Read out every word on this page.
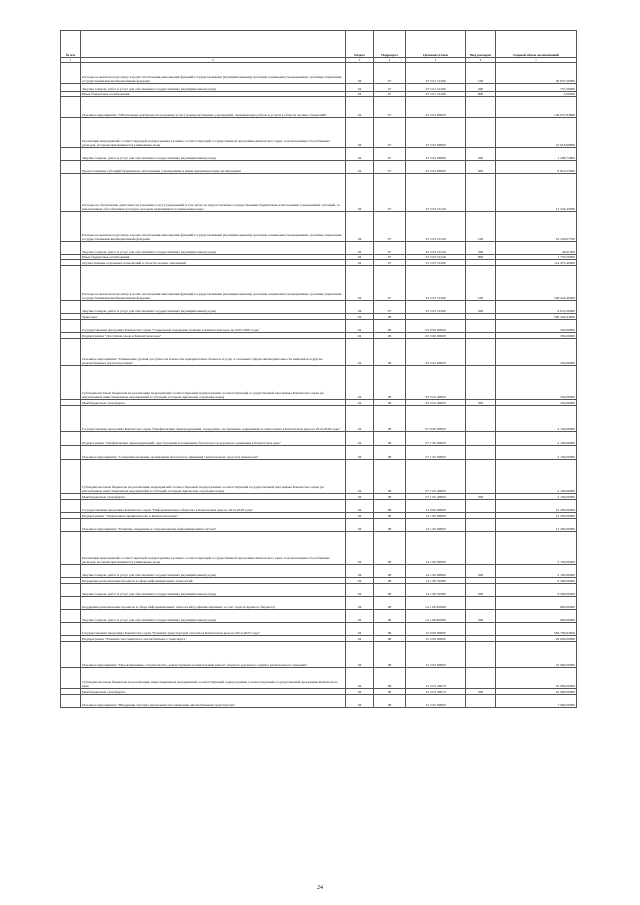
№ п/п		Раздел	Подраздел	Целевая статья	Вид расходов	Годовой объем ассигнований
1	2	3	4	5	6	7
	Расходы на выплаты персоналу в целях обеспечения выполнения функций государственными (муниципальными) органами, казенными учреждениями, органами управления государственными внебюджетными фондами	04	07	23 5 01 51290	100	29 657,50000
	Закупка товаров, работ и услуг для обеспечения государственных (муниципальных) нужд	04	07	23 5 01 51290	200	757,20000
	Иные бюджетные ассигнования	04	07	23 5 01 51290	800	5,00000
	Основное мероприятие "Обеспечение деятельности (оказание услуг) подведомственных учреждений, оказывающих работы и услуги в области лесных отношений"	04	07	23 5 03 00000		136 837,83800
	Реализация мероприятий соответствующей подпрограммы в рамках соответствующей государственной программы Камчатского края, за исключением обособленных расходов, которым присваиваются уникальные коды	04	07	23 5 03 09990		10 018,99800
	Закупка товаров, работ и услуг для обеспечения государственных (муниципальных) нужд	04	07	23 5 03 09990	200	1 208,72800
	Предоставление субсидий бюджетным, автономным учреждениям и иным некоммерческим организациям	04	07	23 5 03 09990	600	8 810,25000
	Расходы на обеспечение деятельности (оказание услуг) учреждений, в том числе на предоставление государственным бюджетным и автономным учреждениям субсидий, за исключением обособленных расходов, которым присваиваются уникальные коды	04	07	23 5 03 10140		12 343,45000
	Расходы на выплаты персоналу в целях обеспечения выполнения функций государственными (муниципальными) органами, казенными учреждениями, органами управления государственными внебюджетными фондами	04	07	23 5 03 10140	100	10 528,07700
	Закупка товаров, работ и услуг для обеспечения государственных (муниципальных) нужд	04	07	23 5 03 10140	200	44,91300
	Иные бюджетные ассигнования	04	07	23 5 03 10140	800	1 770,50000
	Осуществление отдельных полномочий в области лесных отношений	04	07	23 5 03 51290		114 475,40000
	Расходы на выплаты персоналу в целях обеспечения выполнения функций государственными (муниципальными) органами, казенными учреждениями, органами управления государственными внебюджетными фондами	04	07	23 5 03 51290	100	108 424,40000
	Закупка товаров, работ и услуг для обеспечения государственных (муниципальных) нужд	04	07	23 5 03 51290	200	6 051,00000
	Транспорт	04	08			599 444,94850
	Государственная программа Камчатского края "Социальная поддержка граждан в Камчатском крае на 2015-2020 годы"	04	08	03 0 00 00000		350,00000
	Подпрограмма "Доступная среда в Камчатском крае"	04	08	03 3 00 00000		350,00000
	Основное мероприятие "Повышение уровня доступности и качества приоритетных объектов и услуг в основных сферах жизнедеятельности инвалидов и других маломобильных групп населения"	04	08	03 3 02 00000		350,00000
	Субсидии местным бюджетам на реализацию мероприятий соответствующей подпрограммы соответствующей государственной программы Камчатского края (за исключением инвестиционных мероприятий и субсидий, которым присвоены отдельные коды)	04	08	03 3 02 40060		350,00000
	Межбюджетные трансферты	04	08	03 3 02 40060	500	350,00000
	Государственная программа Камчатского края "Профилактика правонарушений, терроризма, экстремизма, наркомании и алкоголизма в Камчатском крае на 2014-2018 годы"	04	08	07 0 00 00000		2 100,00000
	Подпрограмма "Профилактика правонарушений, преступлений и повышение безопасности дорожного движения в Камчатском крае"	04	08	07 1 00 00000		2 100,00000
	Основное мероприятие "Совершенствование организации безопасного движения транспортных средств и пешеходов"	04	08	07 1 05 00000		2 100,00000
	Субсидии местным бюджетам на реализацию мероприятий соответствующей подпрограммы соответствующей государственной программы Камчатского края (за исключением инвестиционных мероприятий и субсидий, которым присвоены отдельные коды)	04	08	07 1 05 40060		2 100,00000
	Межбюджетные трансферты	04	08	07 1 05 40060	500	2 100,00000
	Государственная программа Камчатского края "Информационное общество в Камчатском крае на 2014-2018 годы"	04	08	14 0 00 00000		12 285,00000
	Подпрограмма "Электронное правительство в Камчатском крае"	04	08	14 1 00 00000		12 285,00000
	Основное мероприятие "Развитие, внедрение и сопровождение информационных систем"	04	08	14 1 06 00000		12 285,00000
	Реализация мероприятий соответствующей подпрограммы в рамках соответствующей государственной программы Камчатского края, за исключением обособленных расходов, которым присваиваются уникальные коды	04	08	14 1 06 09990		2 185,00000
	Закупка товаров, работ и услуг для обеспечения государственных (муниципальных) нужд	04	08	14 1 06 09990	200	2 185,00000
	Поддержка региональных проектов в сфере информационных технологий	04	08	14 1 06 50280		9 500,00000
	Закупка товаров, работ и услуг для обеспечения государственных (муниципальных) нужд	04	08	14 1 06 50280	200	9 500,00000
	Поддержка региональных проектов в сфере информационных технологий (софинансирование за счет средств краевого бюджета)	04	08	14 1 06 R0280		600,00000
	Закупка товаров, работ и услуг для обеспечения государственных (муниципальных) нужд	04	08	14 1 06 R0280	200	600,00000
	Государственная программа Камчатского края "Развитие транспортной системы в Камчатском крае на 2014-2025 годы"	04	08	15 0 00 00000		584 709,94850
	Подпрограмма "Развитие пассажирского автомобильного транспорта"	04	08	15 2 00 00000		29 000,00000
	Основное мероприятие "Проектирование, строительство, реконструкция и капитальный ремонт объектов дорожного сервиса регионального значения"	04	08	15 2 03 00000		22 000,00000
	Субсидии местным бюджетам на реализацию инвестиционных мероприятий соответствующей подпрограммы соответствующей государственной программы Камчатского края	04	08	15 2 03 40070		22 000,00000
	Межбюджетные трансферты	04	08	15 2 03 40070	500	22 000,00000
	Основное мероприятие "Внедрение системы управления пассажирским автомобильным транспортом"	04	08	15 2 05 00000		7 000,00000
24
